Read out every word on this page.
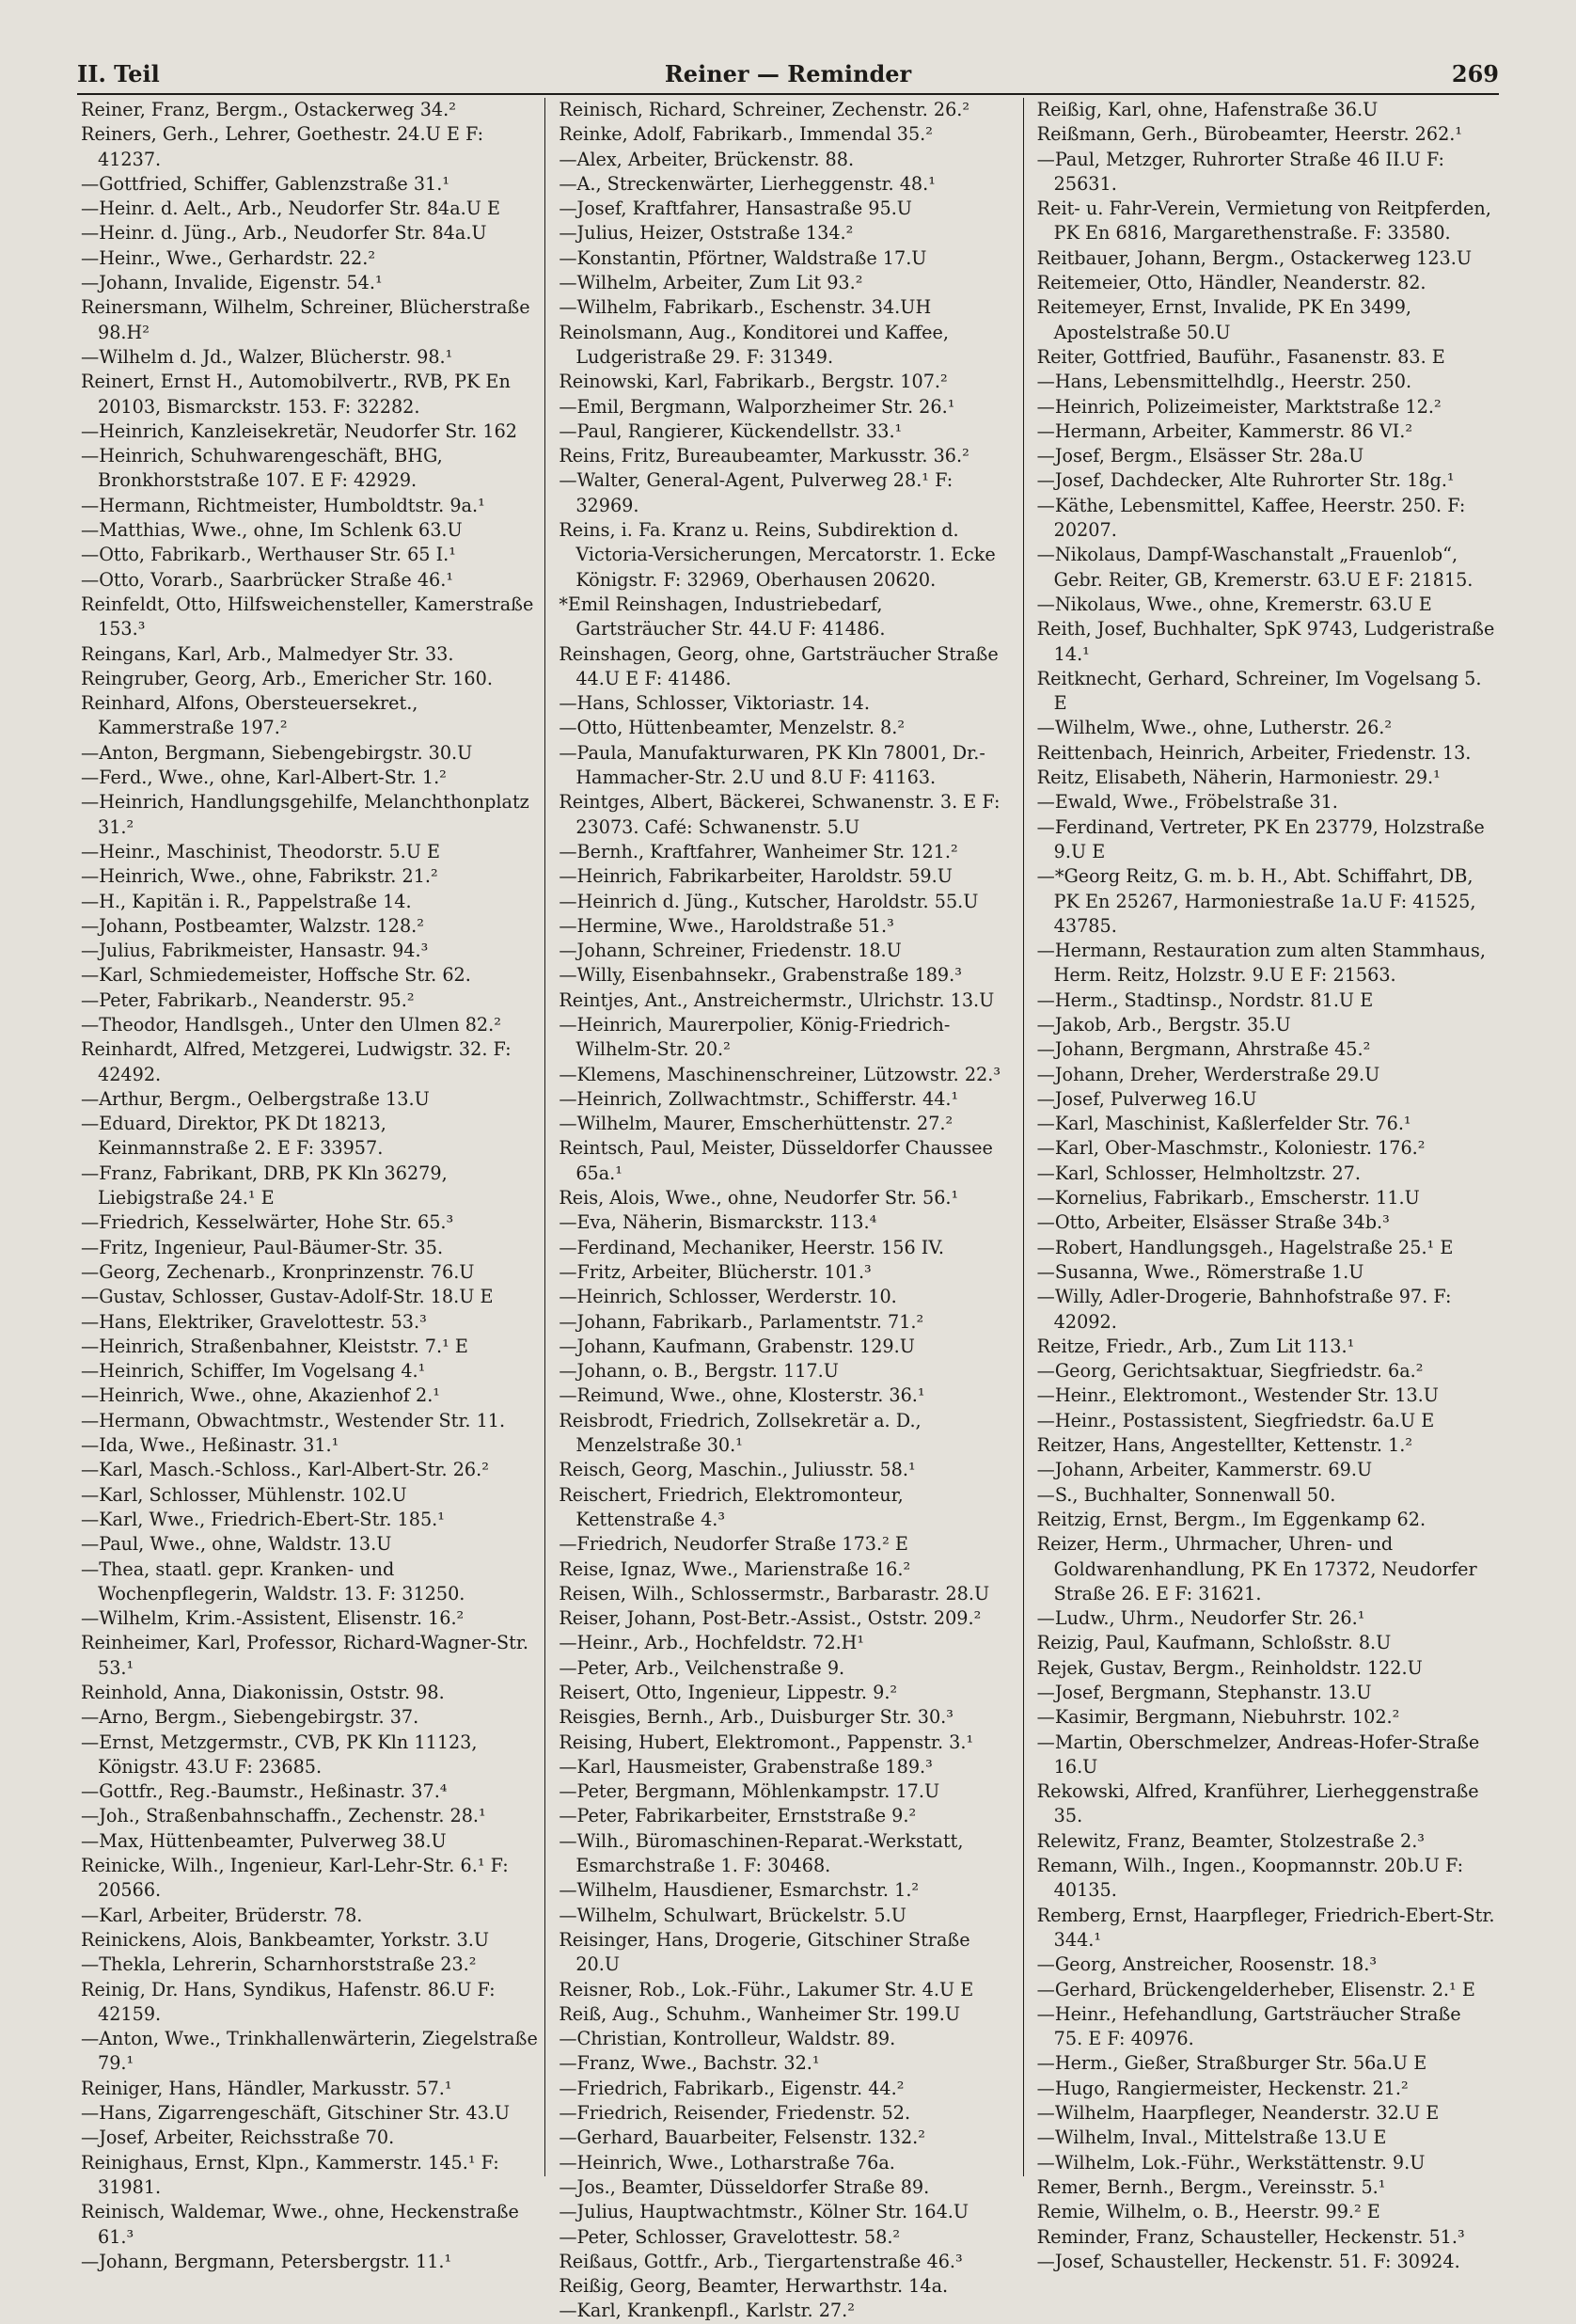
II. Teil	Reiner — Reminder	269

Reiner, Franz, Bergm., Ostackerweg 34.²

Reiners, Gerh., Lehrer, Goethestr. 24.U E F: 41237.

—Gottfried, Schiffer, Gablenzstraße 31.¹

—Heinr. d. Aelt., Arb., Neudorfer Str. 84a.U E

—Heinr. d. Jüng., Arb., Neudorfer Str. 84a.U

—Heinr., Wwe., Gerhardstr. 22.²

—Johann, Invalide, Eigenstr. 54.¹

Reinersmann, Wilhelm, Schreiner, Blücherstraße 98.H²

—Wilhelm d. Jd., Walzer, Blücherstr. 98.¹

Reinert, Ernst H., Automobilvertr., RVB, PK En 20103, Bismarckstr. 153. F: 32282.

—Heinrich, Kanzleisekretär, Neudorfer Str. 162

—Heinrich, Schuhwarengeschäft, BHG, Bronkhorststraße 107. E F: 42929.

—Hermann, Richtmeister, Humboldtstr. 9a.¹

—Matthias, Wwe., ohne, Im Schlenk 63.U

—Otto, Fabrikarb., Werthauser Str. 65 I.¹

—Otto, Vorarb., Saarbrücker Straße 46.¹

Reinfeldt, Otto, Hilfsweichensteller, Kamerstraße 153.³

Reingans, Karl, Arb., Malmedyer Str. 33.

Reingruber, Georg, Arb., Emericher Str. 160.

Reinhard, Alfons, Obersteuersekret., Kammerstraße 197.²

—Anton, Bergmann, Siebengebirgstr. 30.U

—Ferd., Wwe., ohne, Karl-Albert-Str. 1.²

—Heinrich, Handlungsgehilfe, Melanchthonplatz 31.²

—Heinr., Maschinist, Theodorstr. 5.U E

—Heinrich, Wwe., ohne, Fabrikstr. 21.²

—H., Kapitän i. R., Pappelstraße 14.

—Johann, Postbeamter, Walzstr. 128.²

—Julius, Fabrikmeister, Hansastr. 94.³

—Karl, Schmiedemeister, Hoffsche Str. 62.

—Peter, Fabrikarb., Neanderstr. 95.²

—Theodor, Handlsgeh., Unter den Ulmen 82.²

Reinhardt, Alfred, Metzgerei, Ludwigstr. 32. F: 42492.

—Arthur, Bergm., Oelbergstraße 13.U

—Eduard, Direktor, PK Dt 18213, Keinmannstraße 2. E F: 33957.

—Franz, Fabrikant, DRB, PK Kln 36279, Liebigstraße 24.¹ E

—Friedrich, Kesselwärter, Hohe Str. 65.³

—Fritz, Ingenieur, Paul-Bäumer-Str. 35.

—Georg, Zechenarb., Kronprinzenstr. 76.U

—Gustav, Schlosser, Gustav-Adolf-Str. 18.U E

—Hans, Elektriker, Gravelottestr. 53.³

—Heinrich, Straßenbahner, Kleiststr. 7.¹ E

—Heinrich, Schiffer, Im Vogelsang 4.¹

—Heinrich, Wwe., ohne, Akazienhof 2.¹

—Hermann, Obwachtmstr., Westender Str. 11.

—Ida, Wwe., Heßinastr. 31.¹

—Karl, Masch.-Schloss., Karl-Albert-Str. 26.²

—Karl, Schlosser, Mühlenstr. 102.U

—Karl, Wwe., Friedrich-Ebert-Str. 185.¹

—Paul, Wwe., ohne, Waldstr. 13.U

—Thea, staatl. gepr. Kranken- und Wochenpflegerin, Waldstr. 13. F: 31250.

—Wilhelm, Krim.-Assistent, Elisenstr. 16.²

Reinheimer, Karl, Professor, Richard-Wagner-Str. 53.¹

Reinhold, Anna, Diakonissin, Oststr. 98.

—Arno, Bergm., Siebengebirgstr. 37.

—Ernst, Metzgermstr., CVB, PK Kln 11123, Königstr. 43.U F: 23685.

—Gottfr., Reg.-Baumstr., Heßinastr. 37.⁴

—Joh., Straßenbahnschaffn., Zechenstr. 28.¹

—Max, Hüttenbeamter, Pulverweg 38.U

Reinicke, Wilh., Ingenieur, Karl-Lehr-Str. 6.¹ F: 20566.

—Karl, Arbeiter, Brüderstr. 78.

Reinickens, Alois, Bankbeamter, Yorkstr. 3.U

—Thekla, Lehrerin, Scharnhorststraße 23.²

Reinig, Dr. Hans, Syndikus, Hafenstr. 86.U F: 42159.

—Anton, Wwe., Trinkhallenwärterin, Ziegelstraße 79.¹

Reiniger, Hans, Händler, Markusstr. 57.¹

—Hans, Zigarrengeschäft, Gitschiner Str. 43.U

—Josef, Arbeiter, Reichsstraße 70.

Reinighaus, Ernst, Klpn., Kammerstr. 145.¹ F: 31981.

Reinisch, Waldemar, Wwe., ohne, Heckenstraße 61.³

—Johann, Bergmann, Petersbergstr. 11.¹

Reinisch, Richard, Schreiner, Zechenstr. 26.²

Reinke, Adolf, Fabrikarb., Immendal 35.²

—Alex, Arbeiter, Brückenstr. 88.

—A., Streckenwärter, Lierheggenstr. 48.¹

—Josef, Kraftfahrer, Hansastraße 95.U

—Julius, Heizer, Oststraße 134.²

—Konstantin, Pförtner, Waldstraße 17.U

—Wilhelm, Arbeiter, Zum Lit 93.²

—Wilhelm, Fabrikarb., Eschenstr. 34.UH

Reinolsmann, Aug., Konditorei und Kaffee, Ludgeristraße 29. F: 31349.

Reinowski, Karl, Fabrikarb., Bergstr. 107.²

—Emil, Bergmann, Walporzheimer Str. 26.¹

—Paul, Rangierer, Kückendellstr. 33.¹

Reins, Fritz, Bureaubeamter, Markusstr. 36.²

—Walter, General-Agent, Pulverweg 28.¹ F: 32969.

Reins, i. Fa. Kranz u. Reins, Subdirektion d. Victoria-Versicherungen, Mercatorstr. 1. Ecke Königstr. F: 32969, Oberhausen 20620.

*Emil Reinshagen, Industriebedarf, Gartsträucher Str. 44.U F: 41486.

Reinshagen, Georg, ohne, Gartsträucher Straße 44.U E F: 41486.

—Hans, Schlosser, Viktoriastr. 14.

—Otto, Hüttenbeamter, Menzelstr. 8.²

—Paula, Manufakturwaren, PK Kln 78001, Dr.-Hammacher-Str. 2.U und 8.U F: 41163.

Reintges, Albert, Bäckerei, Schwanenstr. 3. E F: 23073. Café: Schwanenstr. 5.U

—Bernh., Kraftfahrer, Wanheimer Str. 121.²

—Heinrich, Fabrikarbeiter, Haroldstr. 59.U

—Heinrich d. Jüng., Kutscher, Haroldstr. 55.U

—Hermine, Wwe., Haroldstraße 51.³

—Johann, Schreiner, Friedenstr. 18.U

—Willy, Eisenbahnsekr., Grabenstraße 189.³

Reintjes, Ant., Anstreichermstr., Ulrichstr. 13.U

—Heinrich, Maurerpolier, König-Friedrich-Wilhelm-Str. 20.²

—Klemens, Maschinenschreiner, Lützowstr. 22.³

—Heinrich, Zollwachtmstr., Schifferstr. 44.¹

—Wilhelm, Maurer, Emscherhüttenstr. 27.²

Reintsch, Paul, Meister, Düsseldorfer Chaussee 65a.¹

Reis, Alois, Wwe., ohne, Neudorfer Str. 56.¹

—Eva, Näherin, Bismarckstr. 113.⁴

—Ferdinand, Mechaniker, Heerstr. 156 IV.

—Fritz, Arbeiter, Blücherstr. 101.³

—Heinrich, Schlosser, Werderstr. 10.

—Johann, Fabrikarb., Parlamentstr. 71.²

—Johann, Kaufmann, Grabenstr. 129.U

—Johann, o. B., Bergstr. 117.U

—Reimund, Wwe., ohne, Klosterstr. 36.¹

Reisbrodt, Friedrich, Zollsekretär a. D., Menzelstraße 30.¹

Reisch, Georg, Maschin., Juliusstr. 58.¹

Reischert, Friedrich, Elektromonteur, Kettenstraße 4.³

—Friedrich, Neudorfer Straße 173.² E

Reise, Ignaz, Wwe., Marienstraße 16.²

Reisen, Wilh., Schlossermstr., Barbarastr. 28.U

Reiser, Johann, Post-Betr.-Assist., Oststr. 209.²

—Heinr., Arb., Hochfeldstr. 72.H¹

—Peter, Arb., Veilchenstraße 9.

Reisert, Otto, Ingenieur, Lippestr. 9.²

Reisgies, Bernh., Arb., Duisburger Str. 30.³

Reising, Hubert, Elektromont., Pappenstr. 3.¹

—Karl, Hausmeister, Grabenstraße 189.³

—Peter, Bergmann, Möhlenkampstr. 17.U

—Peter, Fabrikarbeiter, Ernststraße 9.²

—Wilh., Büromaschinen-Reparat.-Werkstatt, Esmarchstraße 1. F: 30468.

—Wilhelm, Hausdiener, Esmarchstr. 1.²

—Wilhelm, Schulwart, Brückelstr. 5.U

Reisinger, Hans, Drogerie, Gitschiner Straße 20.U

Reisner, Rob., Lok.-Führ., Lakumer Str. 4.U E

Reiß, Aug., Schuhm., Wanheimer Str. 199.U

—Christian, Kontrolleur, Waldstr. 89.

—Franz, Wwe., Bachstr. 32.¹

—Friedrich, Fabrikarb., Eigenstr. 44.²

—Friedrich, Reisender, Friedenstr. 52.

—Gerhard, Bauarbeiter, Felsenstr. 132.²

—Heinrich, Wwe., Lotharstraße 76a.

—Jos., Beamter, Düsseldorfer Straße 89.

—Julius, Hauptwachtmstr., Kölner Str. 164.U

—Peter, Schlosser, Gravelottestr. 58.²

Reißaus, Gottfr., Arb., Tiergartenstraße 46.³

Reißig, Georg, Beamter, Herwarthstr. 14a.

—Karl, Krankenpfl., Karlstr. 27.²

Reißig, Karl, ohne, Hafenstraße 36.U

Reißmann, Gerh., Bürobeamter, Heerstr. 262.¹

—Paul, Metzger, Ruhrorter Straße 46 II.U F: 25631.

Reit- u. Fahr-Verein, Vermietung von Reitpferden, PK En 6816, Margarethenstraße. F: 33580.

Reitbauer, Johann, Bergm., Ostackerweg 123.U

Reitemeier, Otto, Händler, Neanderstr. 82.

Reitemeyer, Ernst, Invalide, PK En 3499, Apostelstraße 50.U

Reiter, Gottfried, Bauführ., Fasanenstr. 83. E

—Hans, Lebensmittelhdlg., Heerstr. 250.

—Heinrich, Polizeimeister, Marktstraße 12.²

—Hermann, Arbeiter, Kammerstr. 86 VI.²

—Josef, Bergm., Elsässer Str. 28a.U

—Josef, Dachdecker, Alte Ruhrorter Str. 18g.¹

—Käthe, Lebensmittel, Kaffee, Heerstr. 250. F: 20207.

—Nikolaus, Dampf-Waschanstalt „Frauenlob“, Gebr. Reiter, GB, Kremerstr. 63.U E F: 21815.

—Nikolaus, Wwe., ohne, Kremerstr. 63.U E

Reith, Josef, Buchhalter, SpK 9743, Ludgeristraße 14.¹

Reitknecht, Gerhard, Schreiner, Im Vogelsang 5. E

—Wilhelm, Wwe., ohne, Lutherstr. 26.²

Reittenbach, Heinrich, Arbeiter, Friedenstr. 13.

Reitz, Elisabeth, Näherin, Harmoniestr. 29.¹

—Ewald, Wwe., Fröbelstraße 31.

—Ferdinand, Vertreter, PK En 23779, Holzstraße 9.U E

—*Georg Reitz, G. m. b. H., Abt. Schiffahrt, DB, PK En 25267, Harmoniestraße 1a.U F: 41525, 43785.

—Hermann, Restauration zum alten Stammhaus, Herm. Reitz, Holzstr. 9.U E F: 21563.

—Herm., Stadtinsp., Nordstr. 81.U E

—Jakob, Arb., Bergstr. 35.U

—Johann, Bergmann, Ahrstraße 45.²

—Johann, Dreher, Werderstraße 29.U

—Josef, Pulverweg 16.U

—Karl, Maschinist, Kaßlerfelder Str. 76.¹

—Karl, Ober-Maschmstr., Koloniestr. 176.²

—Karl, Schlosser, Helmholtzstr. 27.

—Kornelius, Fabrikarb., Emscherstr. 11.U

—Otto, Arbeiter, Elsässer Straße 34b.³

—Robert, Handlungsgeh., Hagelstraße 25.¹ E

—Susanna, Wwe., Römerstraße 1.U

—Willy, Adler-Drogerie, Bahnhofstraße 97. F: 42092.

Reitze, Friedr., Arb., Zum Lit 113.¹

—Georg, Gerichtsaktuar, Siegfriedstr. 6a.²

—Heinr., Elektromont., Westender Str. 13.U

—Heinr., Postassistent, Siegfriedstr. 6a.U E

Reitzer, Hans, Angestellter, Kettenstr. 1.²

—Johann, Arbeiter, Kammerstr. 69.U

—S., Buchhalter, Sonnenwall 50.

Reitzig, Ernst, Bergm., Im Eggenkamp 62.

Reizer, Herm., Uhrmacher, Uhren- und Goldwarenhandlung, PK En 17372, Neudorfer Straße 26. E F: 31621.

—Ludw., Uhrm., Neudorfer Str. 26.¹

Reizig, Paul, Kaufmann, Schloßstr. 8.U

Rejek, Gustav, Bergm., Reinholdstr. 122.U

—Josef, Bergmann, Stephanstr. 13.U

—Kasimir, Bergmann, Niebuhrstr. 102.²

—Martin, Oberschmelzer, Andreas-Hofer-Straße 16.U

Rekowski, Alfred, Kranführer, Lierheggenstraße 35.

Relewitz, Franz, Beamter, Stolzestraße 2.³

Remann, Wilh., Ingen., Koopmannstr. 20b.U F: 40135.

Remberg, Ernst, Haarpfleger, Friedrich-Ebert-Str. 344.¹

—Georg, Anstreicher, Roosenstr. 18.³

—Gerhard, Brückengelderheber, Elisenstr. 2.¹ E

—Heinr., Hefehandlung, Gartsträucher Straße 75. E F: 40976.

—Herm., Gießer, Straßburger Str. 56a.U E

—Hugo, Rangiermeister, Heckenstr. 21.²

—Wilhelm, Haarpfleger, Neanderstr. 32.U E

—Wilhelm, Inval., Mittelstraße 13.U E

—Wilhelm, Lok.-Führ., Werkstättenstr. 9.U

Remer, Bernh., Bergm., Vereinsstr. 5.¹

Remie, Wilhelm, o. B., Heerstr. 99.² E

Reminder, Franz, Schausteller, Heckenstr. 51.³

—Josef, Schausteller, Heckenstr. 51. F: 30924.
